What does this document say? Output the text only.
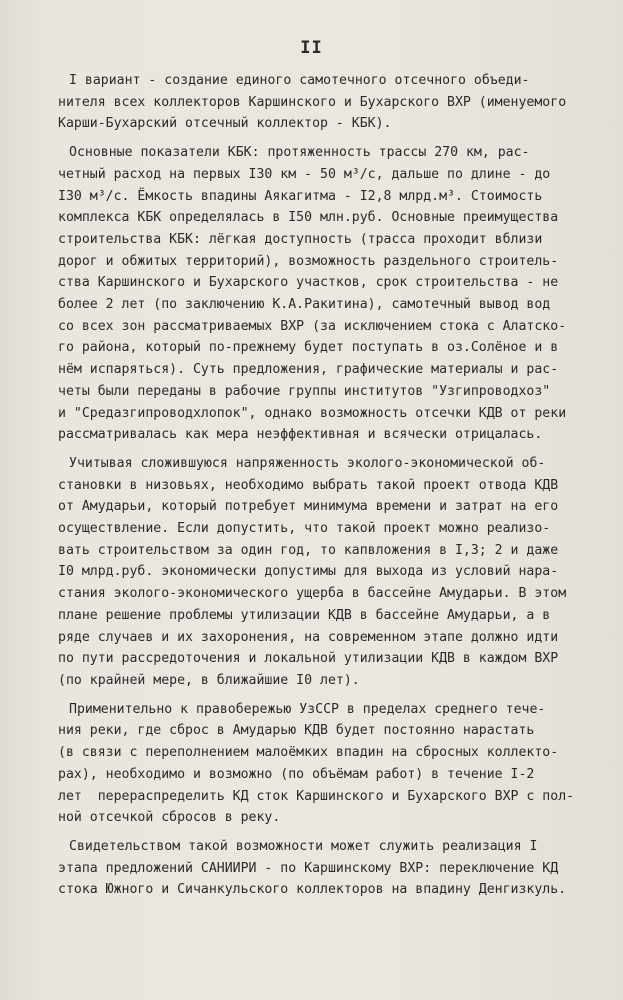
II
I вариант - создание единого самотечного отсечного объеди-
нителя всех коллекторов Каршинского и Бухарского ВХР (именуемого
Карши-Бухарский отсечный коллектор - КБК).
Основные показатели КБК: протяженность трассы 270 км, рас-
четный расход на первых I30 км - 50 м³/с, дальше по длине - до
I30 м³/с. Ёмкость впадины Аякагитма - I2,8 млрд.м³. Стоимость
комплекса КБК определялась в I50 млн.руб. Основные преимущества
строительства КБК: лёгкая доступность (трасса проходит вблизи
дорог и обжитых территорий), возможность раздельного строитель-
ства Каршинского и Бухарского участков, срок строительства - не
более 2 лет (по заключению К.А.Ракитина), самотечный вывод вод
со всех зон рассматриваемых ВХР (за исключением стока с Алатско-
го района, который по-прежнему будет поступать в оз.Солёное и в
нём испаряться). Суть предложения, графические материалы и рас-
четы были переданы в рабочие группы институтов "Узгипроводхоз"
и "Средазгипроводхлопок", однако возможность отсечки КДВ от реки
рассматривалась как мера неэффективная и всячески отрицалась.
Учитывая сложившуюся напряженность эколого-экономической об-
становки в низовьях, необходимо выбрать такой проект отвода КДВ
от Амударьи, который потребует минимума времени и затрат на его
осуществление. Если допустить, что такой проект можно реализо-
вать строительством за один год, то капвложения в I,3; 2 и даже
I0 млрд.руб. экономически допустимы для выхода из условий нара-
стания эколого-экономического ущерба в бассейне Амударьи. В этом
плане решение проблемы утилизации КДВ в бассейне Амударьи, а в
ряде случаев и их захоронения, на современном этапе должно идти
по пути рассредоточения и локальной утилизации КДВ в каждом ВХР
(по крайней мере, в ближайшие I0 лет).
Применительно к правобережью УзССР в пределах среднего тече-
ния реки, где сброс в Амударью КДВ будет постоянно нарастать
(в связи с переполнением малоёмких впадин на сбросных коллекто-
рах), необходимо и возможно (по объёмам работ) в течение I-2
лет  перераспределить КД сток Каршинского и Бухарского ВХР с пол-
ной отсечкой сбросов в реку.
Свидетельством такой возможности может служить реализация I
этапа предложений САНИИРИ - по Каршинскому ВХР: переключение КД
стока Южного и Сичанкульского коллекторов на впадину Денгизкуль.
